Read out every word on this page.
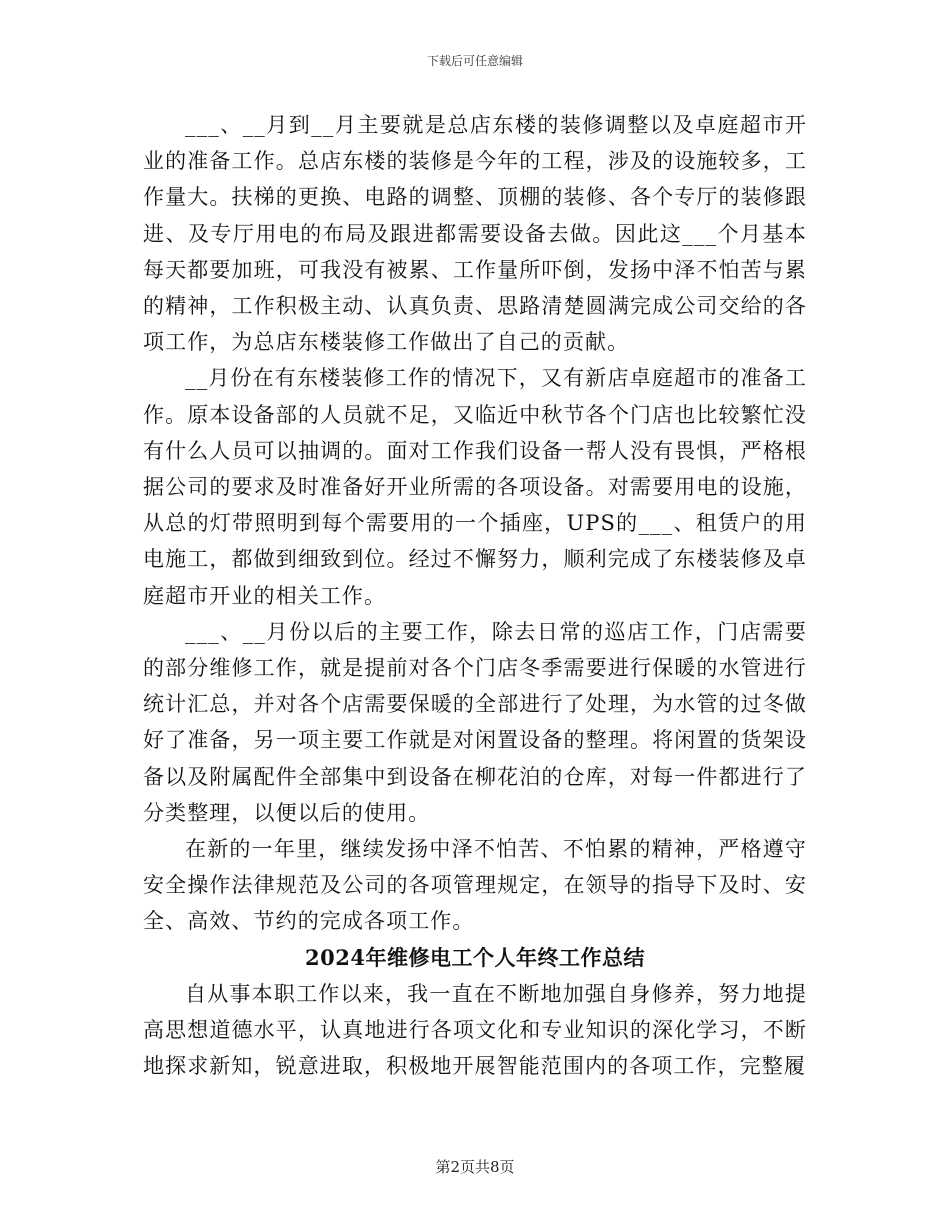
下载后可任意编辑

___、__月到__月主要就是总店东楼的装修调整以及卓庭超市开业的准备工作。总店东楼的装修是今年的工程，涉及的设施较多，工作量大。扶梯的更换、电路的调整、顶棚的装修、各个专厅的装修跟进、及专厅用电的布局及跟进都需要设备去做。因此这___个月基本每天都要加班，可我没有被累、工作量所吓倒，发扬中泽不怕苦与累的精神，工作积极主动、认真负责、思路清楚圆满完成公司交给的各项工作，为总店东楼装修工作做出了自己的贡献。

__月份在有东楼装修工作的情况下，又有新店卓庭超市的准备工作。原本设备部的人员就不足，又临近中秋节各个门店也比较繁忙没有什么人员可以抽调的。面对工作我们设备一帮人没有畏惧，严格根据公司的要求及时准备好开业所需的各项设备。对需要用电的设施，从总的灯带照明到每个需要用的一个插座，UPS的___、租赁户的用电施工，都做到细致到位。经过不懈努力，顺利完成了东楼装修及卓庭超市开业的相关工作。

___、__月份以后的主要工作，除去日常的巡店工作，门店需要的部分维修工作，就是提前对各个门店冬季需要进行保暖的水管进行统计汇总，并对各个店需要保暖的全部进行了处理，为水管的过冬做好了准备，另一项主要工作就是对闲置设备的整理。将闲置的货架设备以及附属配件全部集中到设备在柳花泊的仓库，对每一件都进行了分类整理，以便以后的使用。

在新的一年里，继续发扬中泽不怕苦、不怕累的精神，严格遵守安全操作法律规范及公司的各项管理规定，在领导的指导下及时、安全、高效、节约的完成各项工作。

2024年维修电工个人年终工作总结

自从事本职工作以来，我一直在不断地加强自身修养，努力地提高思想道德水平，认真地进行各项文化和专业知识的深化学习，不断地探求新知，锐意进取，积极地开展智能范围内的各项工作，完整履

第2页共8页
